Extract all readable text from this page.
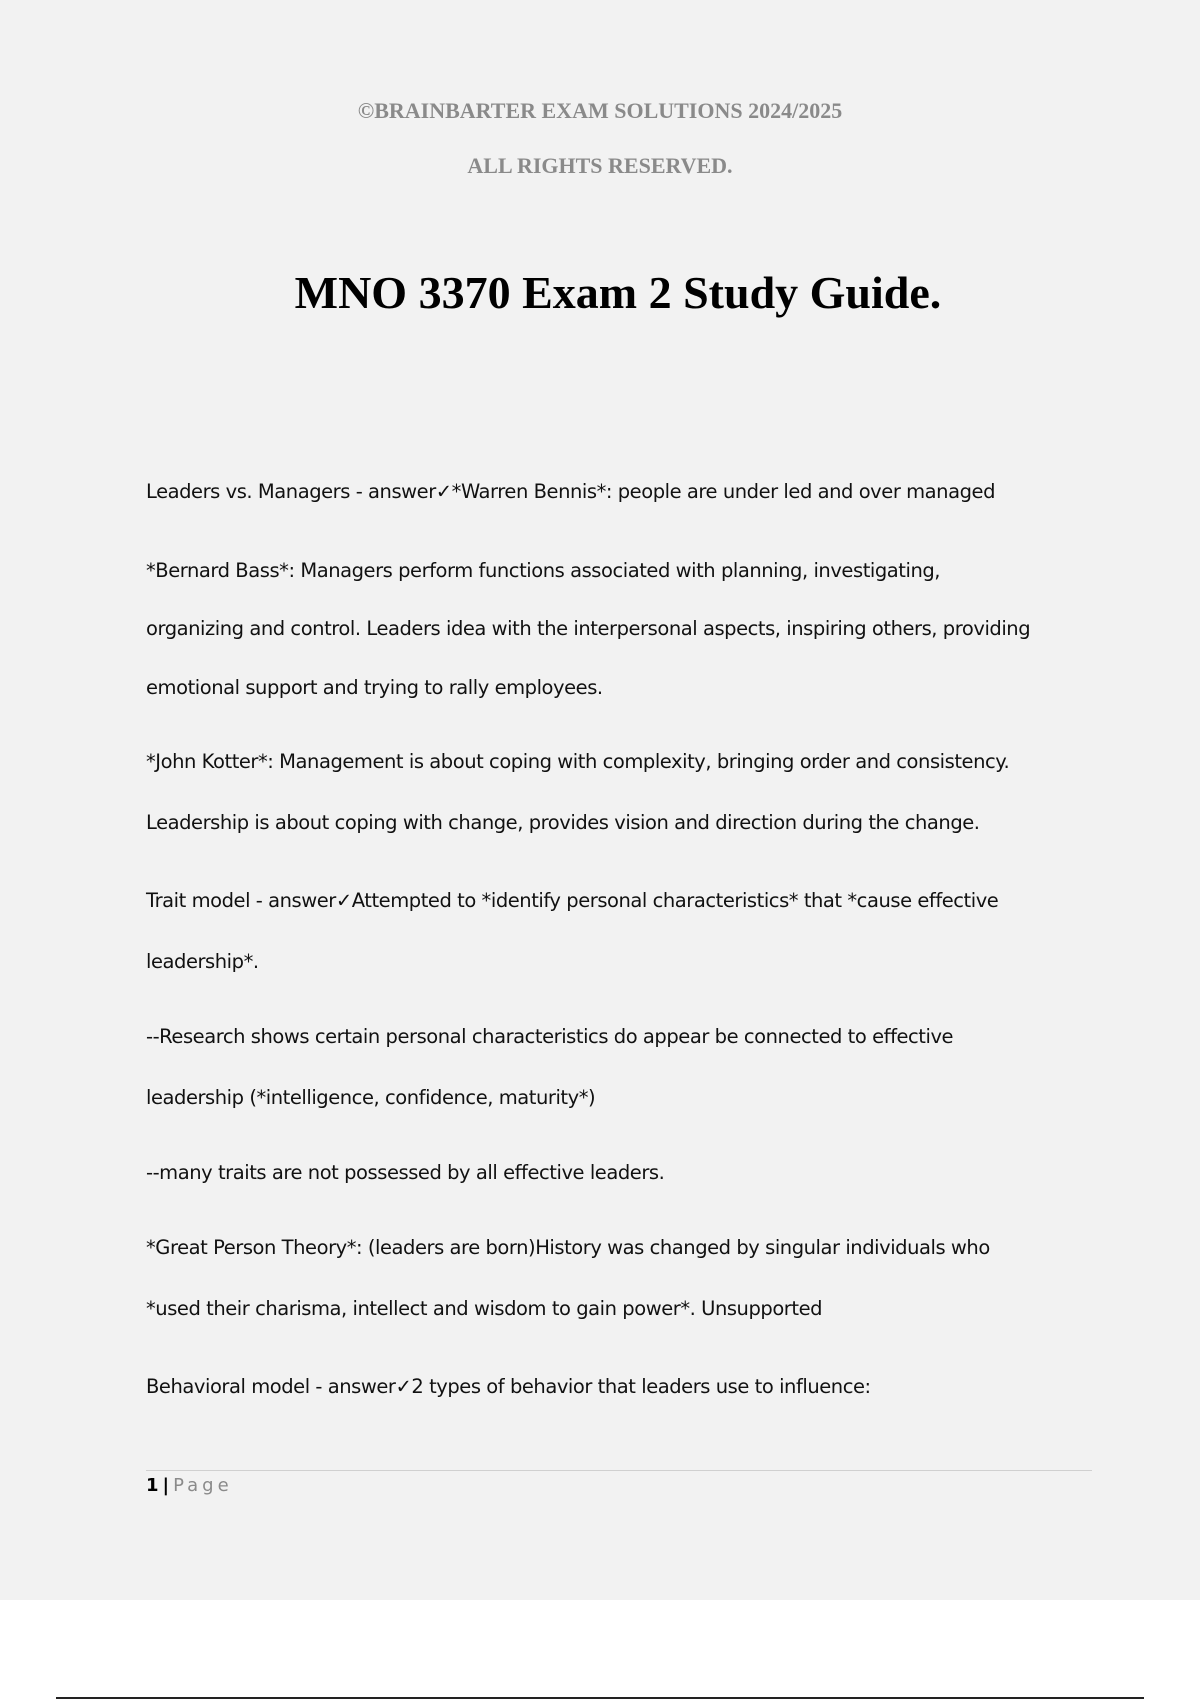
©BRAINBARTER EXAM SOLUTIONS 2024/2025
ALL RIGHTS RESERVED.
MNO 3370 Exam 2 Study Guide.
Leaders vs. Managers - answer✓*Warren Bennis*: people are under led and over managed
*Bernard Bass*: Managers perform functions associated with planning, investigating,
organizing and control. Leaders idea with the interpersonal aspects, inspiring others, providing
emotional support and trying to rally employees.
*John Kotter*: Management is about coping with complexity, bringing order and consistency.
Leadership is about coping with change, provides vision and direction during the change.
Trait model - answer✓Attempted to *identify personal characteristics* that *cause effective
leadership*.
--Research shows certain personal characteristics do appear be connected to effective
leadership (*intelligence, confidence, maturity*)
--many traits are not possessed by all effective leaders.
*Great Person Theory*: (leaders are born)History was changed by singular individuals who
*used their charisma, intellect and wisdom to gain power*. Unsupported
Behavioral model - answer✓2 types of behavior that leaders use to influence:
1 | Page
